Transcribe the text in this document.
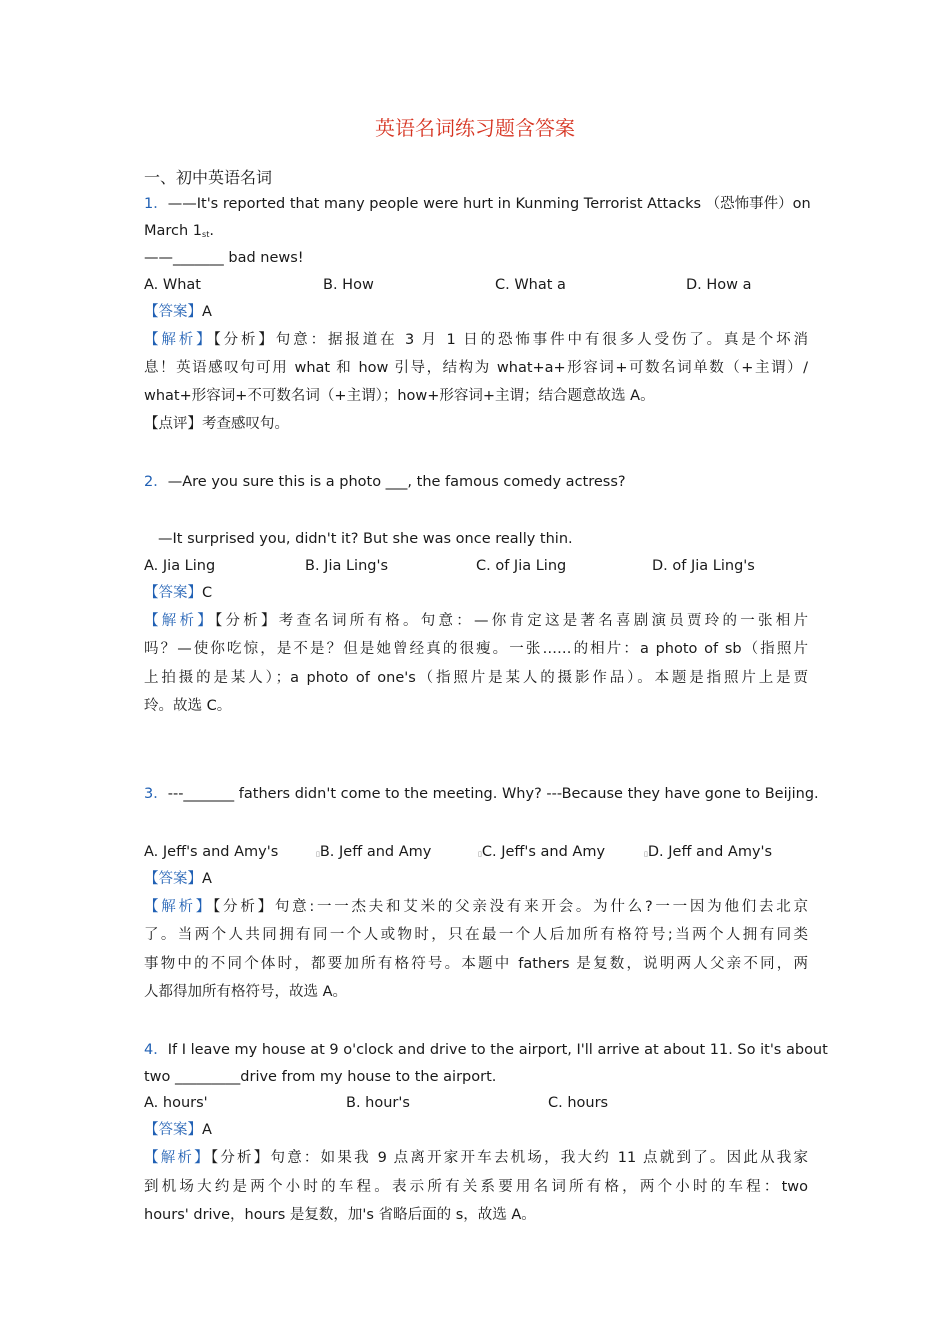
英语名词练习题含答案
一、初中英语名词
1．——It's reported that many people were hurt in Kunming Terrorist Attacks （恐怖事件）on
March 1st.
——_______ bad news!
A. What	B. How	C. What a	D. How a
【答案】A
【解析】【分析】句意：据报道在 3 月 1 日的恐怖事件中有很多人受伤了。真是个坏消
息！英语感叹句可用 what 和 how 引导，结构为 what+a+形容词+可数名词单数（+主谓）/
what+形容词+不可数名词（+主谓）；how+形容词+主谓；结合题意故选 A。
【点评】考查感叹句。
2．—Are you sure this is a photo ___, the famous comedy actress?
—It surprised you, didn't it? But she was once really thin.
A. Jia Ling	B. Jia Ling's	C. of Jia Ling	D. of Jia Ling's
【答案】C
【解析】【分析】考查名词所有格。句意：—你肯定这是著名喜剧演员贾玲的一张相片
吗？—使你吃惊，是不是？但是她曾经真的很瘦。一张……的相片：a photo of sb（指照片
上拍摄的是某人）；a photo of one's（指照片是某人的摄影作品）。本题是指照片上是贾
玲。故选 C。
3．---_______ fathers didn't come to the meeting. Why? ---Because they have gone to Beijing.
A. Jeff's and Amy's	▯B. Jeff and Amy	▯C. Jeff's and Amy	▯D. Jeff and Amy's
【答案】A
【解析】【分析】句意:一一杰夫和艾米的父亲没有来开会。为什么?一一因为他们去北京
了。当两个人共同拥有同一个人或物时，只在最一个人后加所有格符号;当两个人拥有同类
事物中的不同个体时，都要加所有格符号。本题中 fathers 是复数，说明两人父亲不同，两
人都得加所有格符号，故选 A。
4．If I leave my house at 9 o'clock and drive to the airport, I'll arrive at about 11. So it's about
two _________drive from my house to the airport.
A. hours'	B. hour's	C. hours
【答案】A
【解析】【分析】句意：如果我 9 点离开家开车去机场，我大约 11 点就到了。因此从我家
到机场大约是两个小时的车程。表示所有关系要用名词所有格，两个小时的车程：two
hours' drive，hours 是复数，加's 省略后面的 s，故选 A。
